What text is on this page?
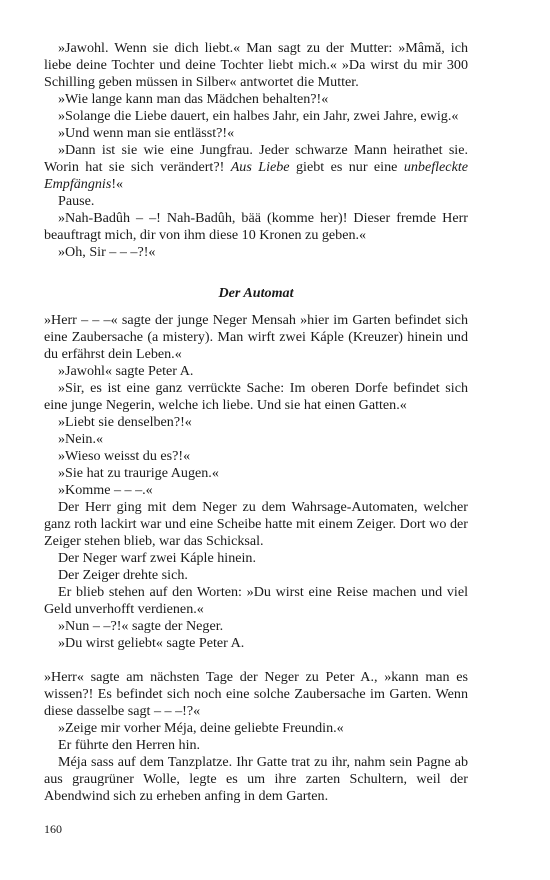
»Jawohl. Wenn sie dich liebt.« Man sagt zu der Mutter: »Mâmă, ich liebe deine Tochter und deine Tochter liebt mich.« »Da wirst du mir 300 Schilling geben müssen in Silber« antwortet die Mutter.

»Wie lange kann man das Mädchen behalten?!«

»Solange die Liebe dauert, ein halbes Jahr, ein Jahr, zwei Jahre, ewig.«

»Und wenn man sie entlässt?!«

»Dann ist sie wie eine Jungfrau. Jeder schwarze Mann heirathet sie. Worin hat sie sich verändert?! Aus Liebe giebt es nur eine unbefleckte Empfängnis!«

Pause.

»Nah-Badûh – –! Nah-Badûh, bää (komme her)! Dieser fremde Herr beauftragt mich, dir von ihm diese 10 Kronen zu geben.«

»Oh, Sir – – –?!«

Der Automat

»Herr – – –« sagte der junge Neger Mensah »hier im Garten befindet sich eine Zaubersache (a mistery). Man wirft zwei Káple (Kreuzer) hinein und du erfährst dein Leben.«

»Jawohl« sagte Peter A.

»Sir, es ist eine ganz verrückte Sache: Im oberen Dorfe befindet sich eine junge Negerin, welche ich liebe. Und sie hat einen Gatten.«

»Liebt sie denselben?!«

»Nein.«

»Wieso weisst du es?!«

»Sie hat zu traurige Augen.«

»Komme – – –.«

Der Herr ging mit dem Neger zu dem Wahrsage-Automaten, welcher ganz roth lackirt war und eine Scheibe hatte mit einem Zeiger. Dort wo der Zeiger stehen blieb, war das Schicksal.

Der Neger warf zwei Káple hinein.

Der Zeiger drehte sich.

Er blieb stehen auf den Worten: »Du wirst eine Reise machen und viel Geld unverhofft verdienen.«

»Nun – –?!« sagte der Neger.

»Du wirst geliebt« sagte Peter A.

»Herr« sagte am nächsten Tage der Neger zu Peter A., »kann man es wissen?! Es befindet sich noch eine solche Zaubersache im Garten. Wenn diese dasselbe sagt – – –!?«

»Zeige mir vorher Méja, deine geliebte Freundin.«

Er führte den Herren hin.

Méja sass auf dem Tanzplatze. Ihr Gatte trat zu ihr, nahm sein Pagne ab aus graugrüner Wolle, legte es um ihre zarten Schultern, weil der Abendwind sich zu erheben anfing in dem Garten.

160
